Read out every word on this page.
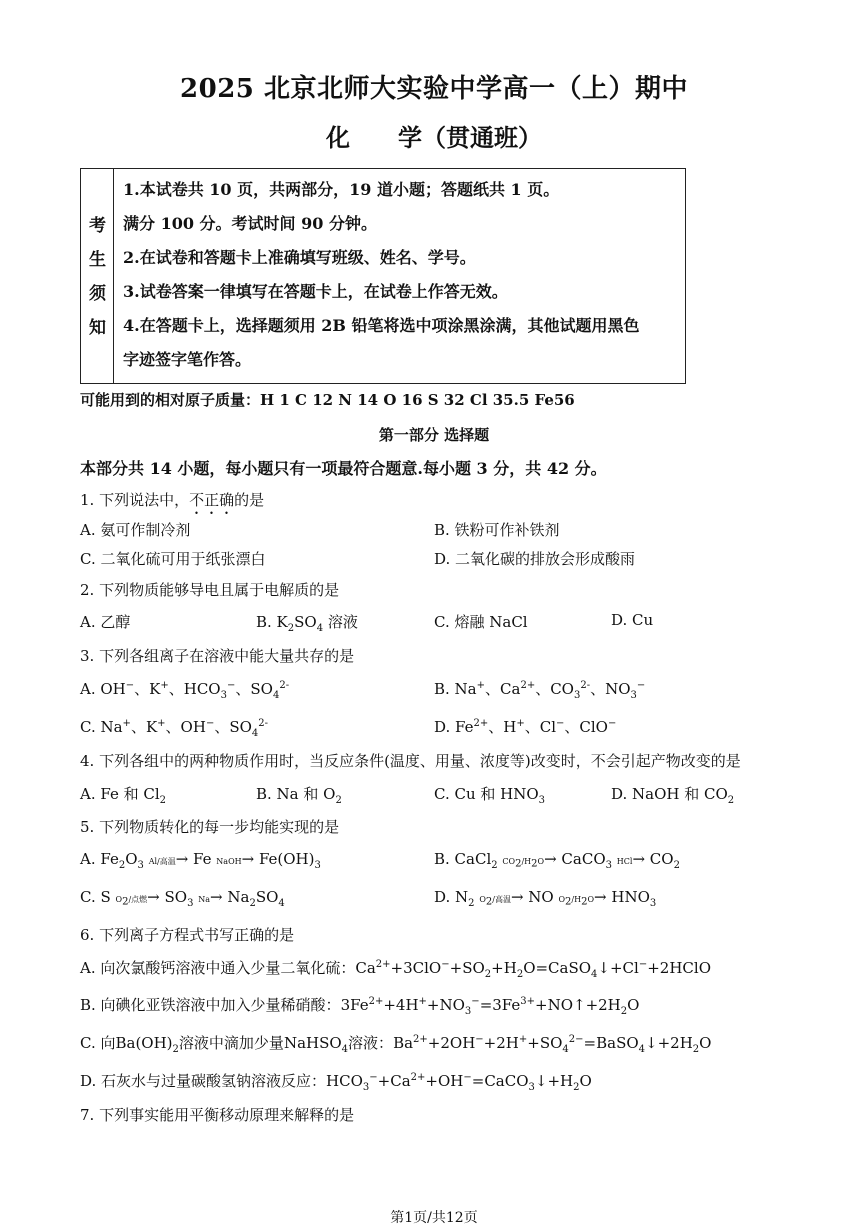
2025 北京北师大实验中学高一（上）期中
化　　学（贯通班）
考
生
须
知
1.本试卷共 10 页，共两部分，19 道小题；答题纸共 1 页。
满分 100 分。考试时间 90 分钟。
2.在试卷和答题卡上准确填写班级、姓名、学号。
3.试卷答案一律填写在答题卡上，在试卷上作答无效。
4.在答题卡上，选择题须用 2B 铅笔将选中项涂黑涂满，其他试题用黑色
字迹签字笔作答。
可能用到的相对原子质量：H 1 C 12 N 14 O 16 S 32 Cl 35.5 Fe56
第一部分 选择题
本部分共 14 小题，每小题只有一项最符合题意.每小题 3 分，共 42 分。
1. 下列说法中，不正确的是
A. 氨可作制冷剂	B. 铁粉可作补铁剂
C. 二氧化硫可用于纸张漂白	D. 二氧化碳的排放会形成酸雨
2. 下列物质能够导电且属于电解质的是
A. 乙醇	B. $K_2SO_4$ 溶液	C. 熔融 NaCl	D. Cu
3. 下列各组离子在溶液中能大量共存的是
A. OH−、K+、$HCO_3^-$、$SO_4^{2-}$	B. Na+、$Ca^{2+}$、$CO_3^{2-}$、$NO_3^-$
C. Na+、K+、OH−、$SO_4^{2-}$	D. $Fe^{2+}$、H+、Cl−、ClO−
4. 下列各组中的两种物质作用时，当反应条件(温度、用量、浓度等)改变时，不会引起产物改变的是
A. Fe 和 $Cl_2$	B. Na 和 $O_2$	C. Cu 和 $HNO_3$	D. NaOH 和 $CO_2$
5. 下列物质转化的每一步均能实现的是
A. $Fe_2O_3$ Al/高温→ Fe NaOH→ $Fe(OH)_3$	B. CaCl$_2$ $CO_2/H_2O\to$ CaCO$_3$ $HCl\to CO_2$
C. S $O_2/$点燃→ $SO_3$ $Na\to Na_2SO_4$	D. $N_2$ $O_2/$高温→ NO $O_2/H_2O\to HNO_3$
6. 下列离子方程式书写正确的是
A. 向次氯酸钙溶液中通入少量二氧化硫：$Ca^{2+}+3ClO^-+SO_2+H_2O=CaSO_4↓+Cl^-+2HClO$
B. 向碘化亚铁溶液中加入少量稀硝酸：$3Fe^{2+}+4H^++NO_3^-=3Fe^{3+}+NO↑+2H_2O$
C. 向$Ba(OH)_2$溶液中滴加少量NaHSO$_4$溶液：$Ba^{2+}+2OH^-+2H^++SO_4^{2-}=BaSO_4↓+2H_2O$
D. 石灰水与过量碳酸氢钠溶液反应：$HCO_3^-+Ca^{2+}+OH^-=CaCO_3↓+H_2O$
7. 下列事实能用平衡移动原理来解释的是
第1页/共12页
